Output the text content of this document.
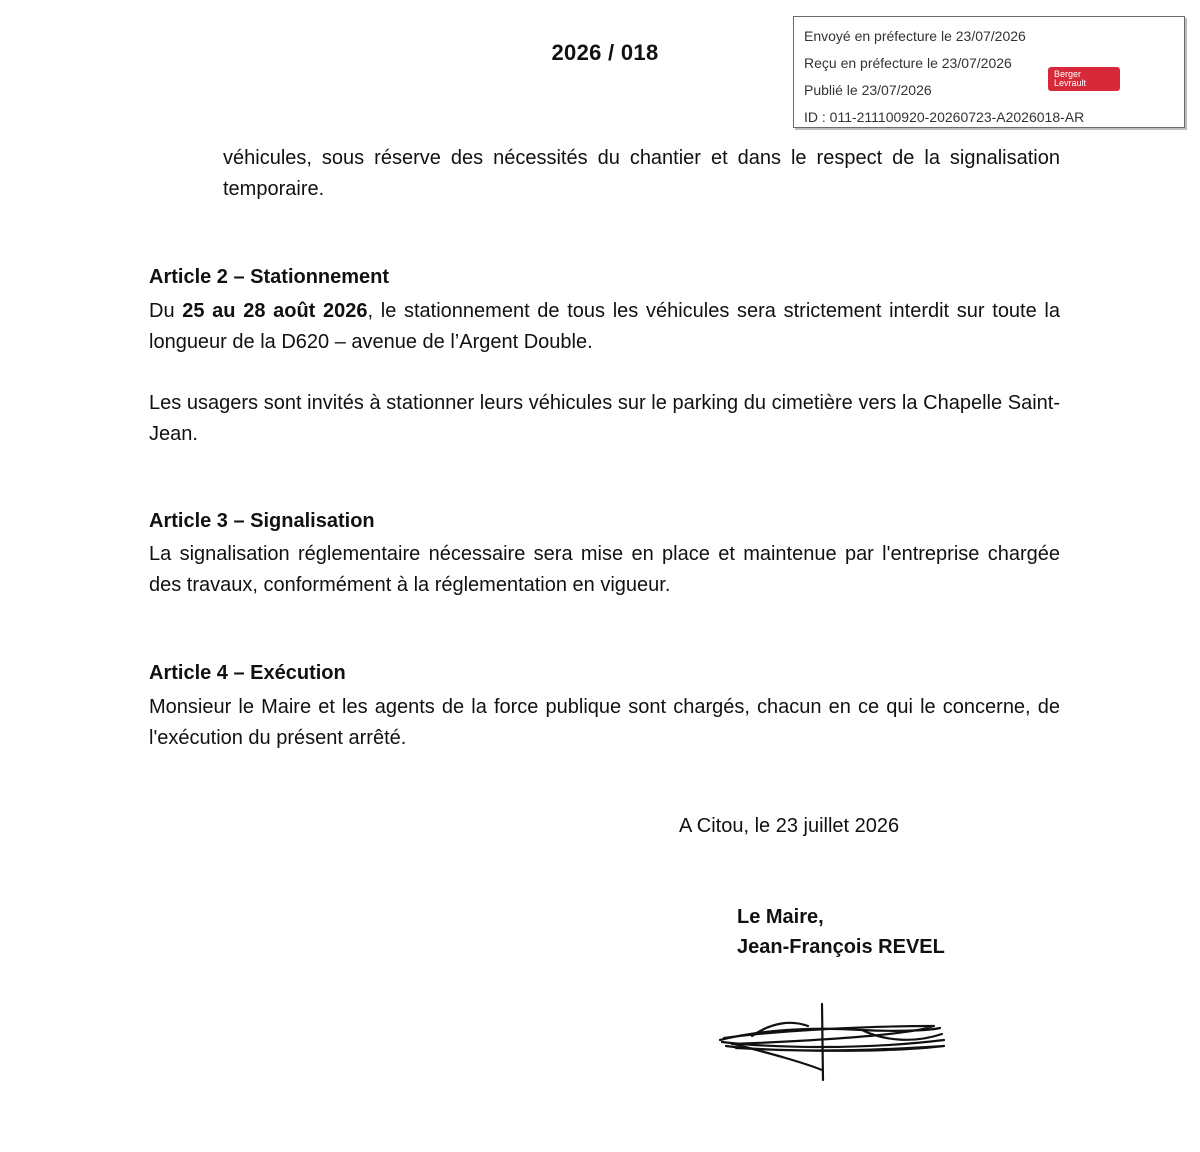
2026 / 018
Envoyé en préfecture le 23/07/2026
Reçu en préfecture le 23/07/2026
Publié le 23/07/2026
ID : 011-211100920-20260723-A2026018-AR
Berger
Levrault

véhicules, sous réserve des nécessités du chantier et dans le respect de la signalisation temporaire.

Article 2 – Stationnement

Du 25 au 28 août 2026, le stationnement de tous les véhicules sera strictement interdit sur toute la longueur de la D620 – avenue de l’Argent Double.

Les usagers sont invités à stationner leurs véhicules sur le parking du cimetière vers la Chapelle Saint-Jean.

Article 3 – Signalisation

La signalisation réglementaire nécessaire sera mise en place et maintenue par l'entreprise chargée des travaux, conformément à la réglementation en vigueur.

Article 4 – Exécution

Monsieur le Maire et les agents de la force publique sont chargés, chacun en ce qui le concerne, de l'exécution du présent arrêté.

A Citou, le 23 juillet 2026
Le Maire,
Jean-François REVEL
